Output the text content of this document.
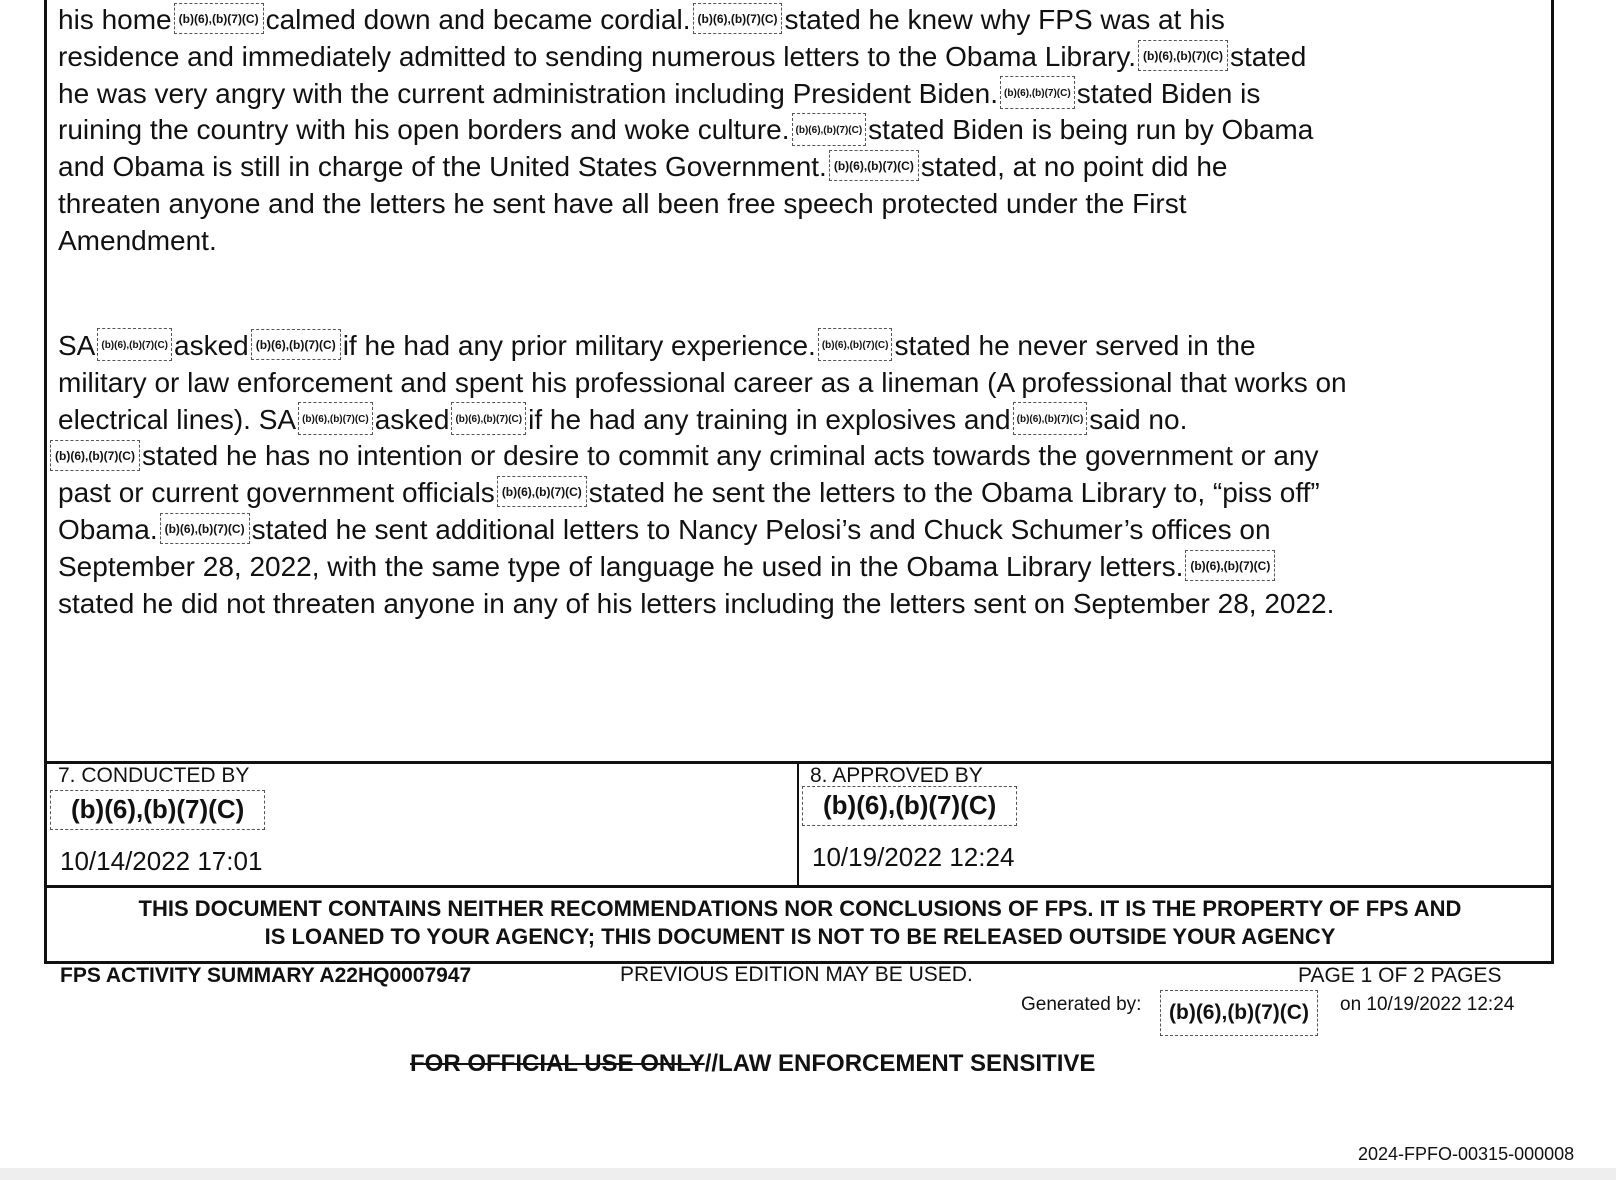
his home (b)(6),(b)(7)(C) calmed down and became cordial. (b)(6),(b)(7)(C) stated he knew why FPS was at his

residence and immediately admitted to sending numerous letters to the Obama Library. (b)(6),(b)(7)(C) stated

he was very angry with the current administration including President Biden. (b)(6),(b)(7)(C) stated Biden is

ruining the country with his open borders and woke culture. (b)(6),(b)(7)(C) stated Biden is being run by Obama

and Obama is still in charge of the United States Government. (b)(6),(b)(7)(C) stated, at no point did he

threaten anyone and the letters he sent have all been free speech protected under the First

Amendment.

SA (b)(6),(b)(7)(C) asked (b)(6),(b)(7)(C) if he had any prior military experience. (b)(6),(b)(7)(C) stated he never served in the

military or law enforcement and spent his professional career as a lineman (A professional that works on

electrical lines). SA (b)(6),(b)(7)(C) asked (b)(6),(b)(7)(C) if he had any training in explosives and (b)(6),(b)(7)(C) said no.

(b)(6),(b)(7)(C) stated he has no intention or desire to commit any criminal acts towards the government or any

past or current government officials (b)(6),(b)(7)(C) stated he sent the letters to the Obama Library to, “piss off”

Obama. (b)(6),(b)(7)(C) stated he sent additional letters to Nancy Pelosi’s and Chuck Schumer’s offices on

September 28, 2022, with the same type of language he used in the Obama Library letters. (b)(6),(b)(7)(C)

stated he did not threaten anyone in any of his letters including the letters sent on September 28, 2022.

7. CONDUCTED BY
(b)(6),(b)(7)(C)
10/14/2022 17:01
8. APPROVED BY
(b)(6),(b)(7)(C)
10/19/2022 12:24
THIS DOCUMENT CONTAINS NEITHER RECOMMENDATIONS NOR CONCLUSIONS OF FPS. IT IS THE PROPERTY OF FPS AND
IS LOANED TO YOUR AGENCY; THIS DOCUMENT IS NOT TO BE RELEASED OUTSIDE YOUR AGENCY
FPS ACTIVITY SUMMARY A22HQ0007947	PREVIOUS EDITION MAY BE USED.	PAGE 1 OF 2 PAGES
Generated by:	(b)(6),(b)(7)(C)	on 10/19/2022 12:24
FOR OFFICIAL USE ONLY//LAW ENFORCEMENT SENSITIVE
2024-FPFO-00315-000008
